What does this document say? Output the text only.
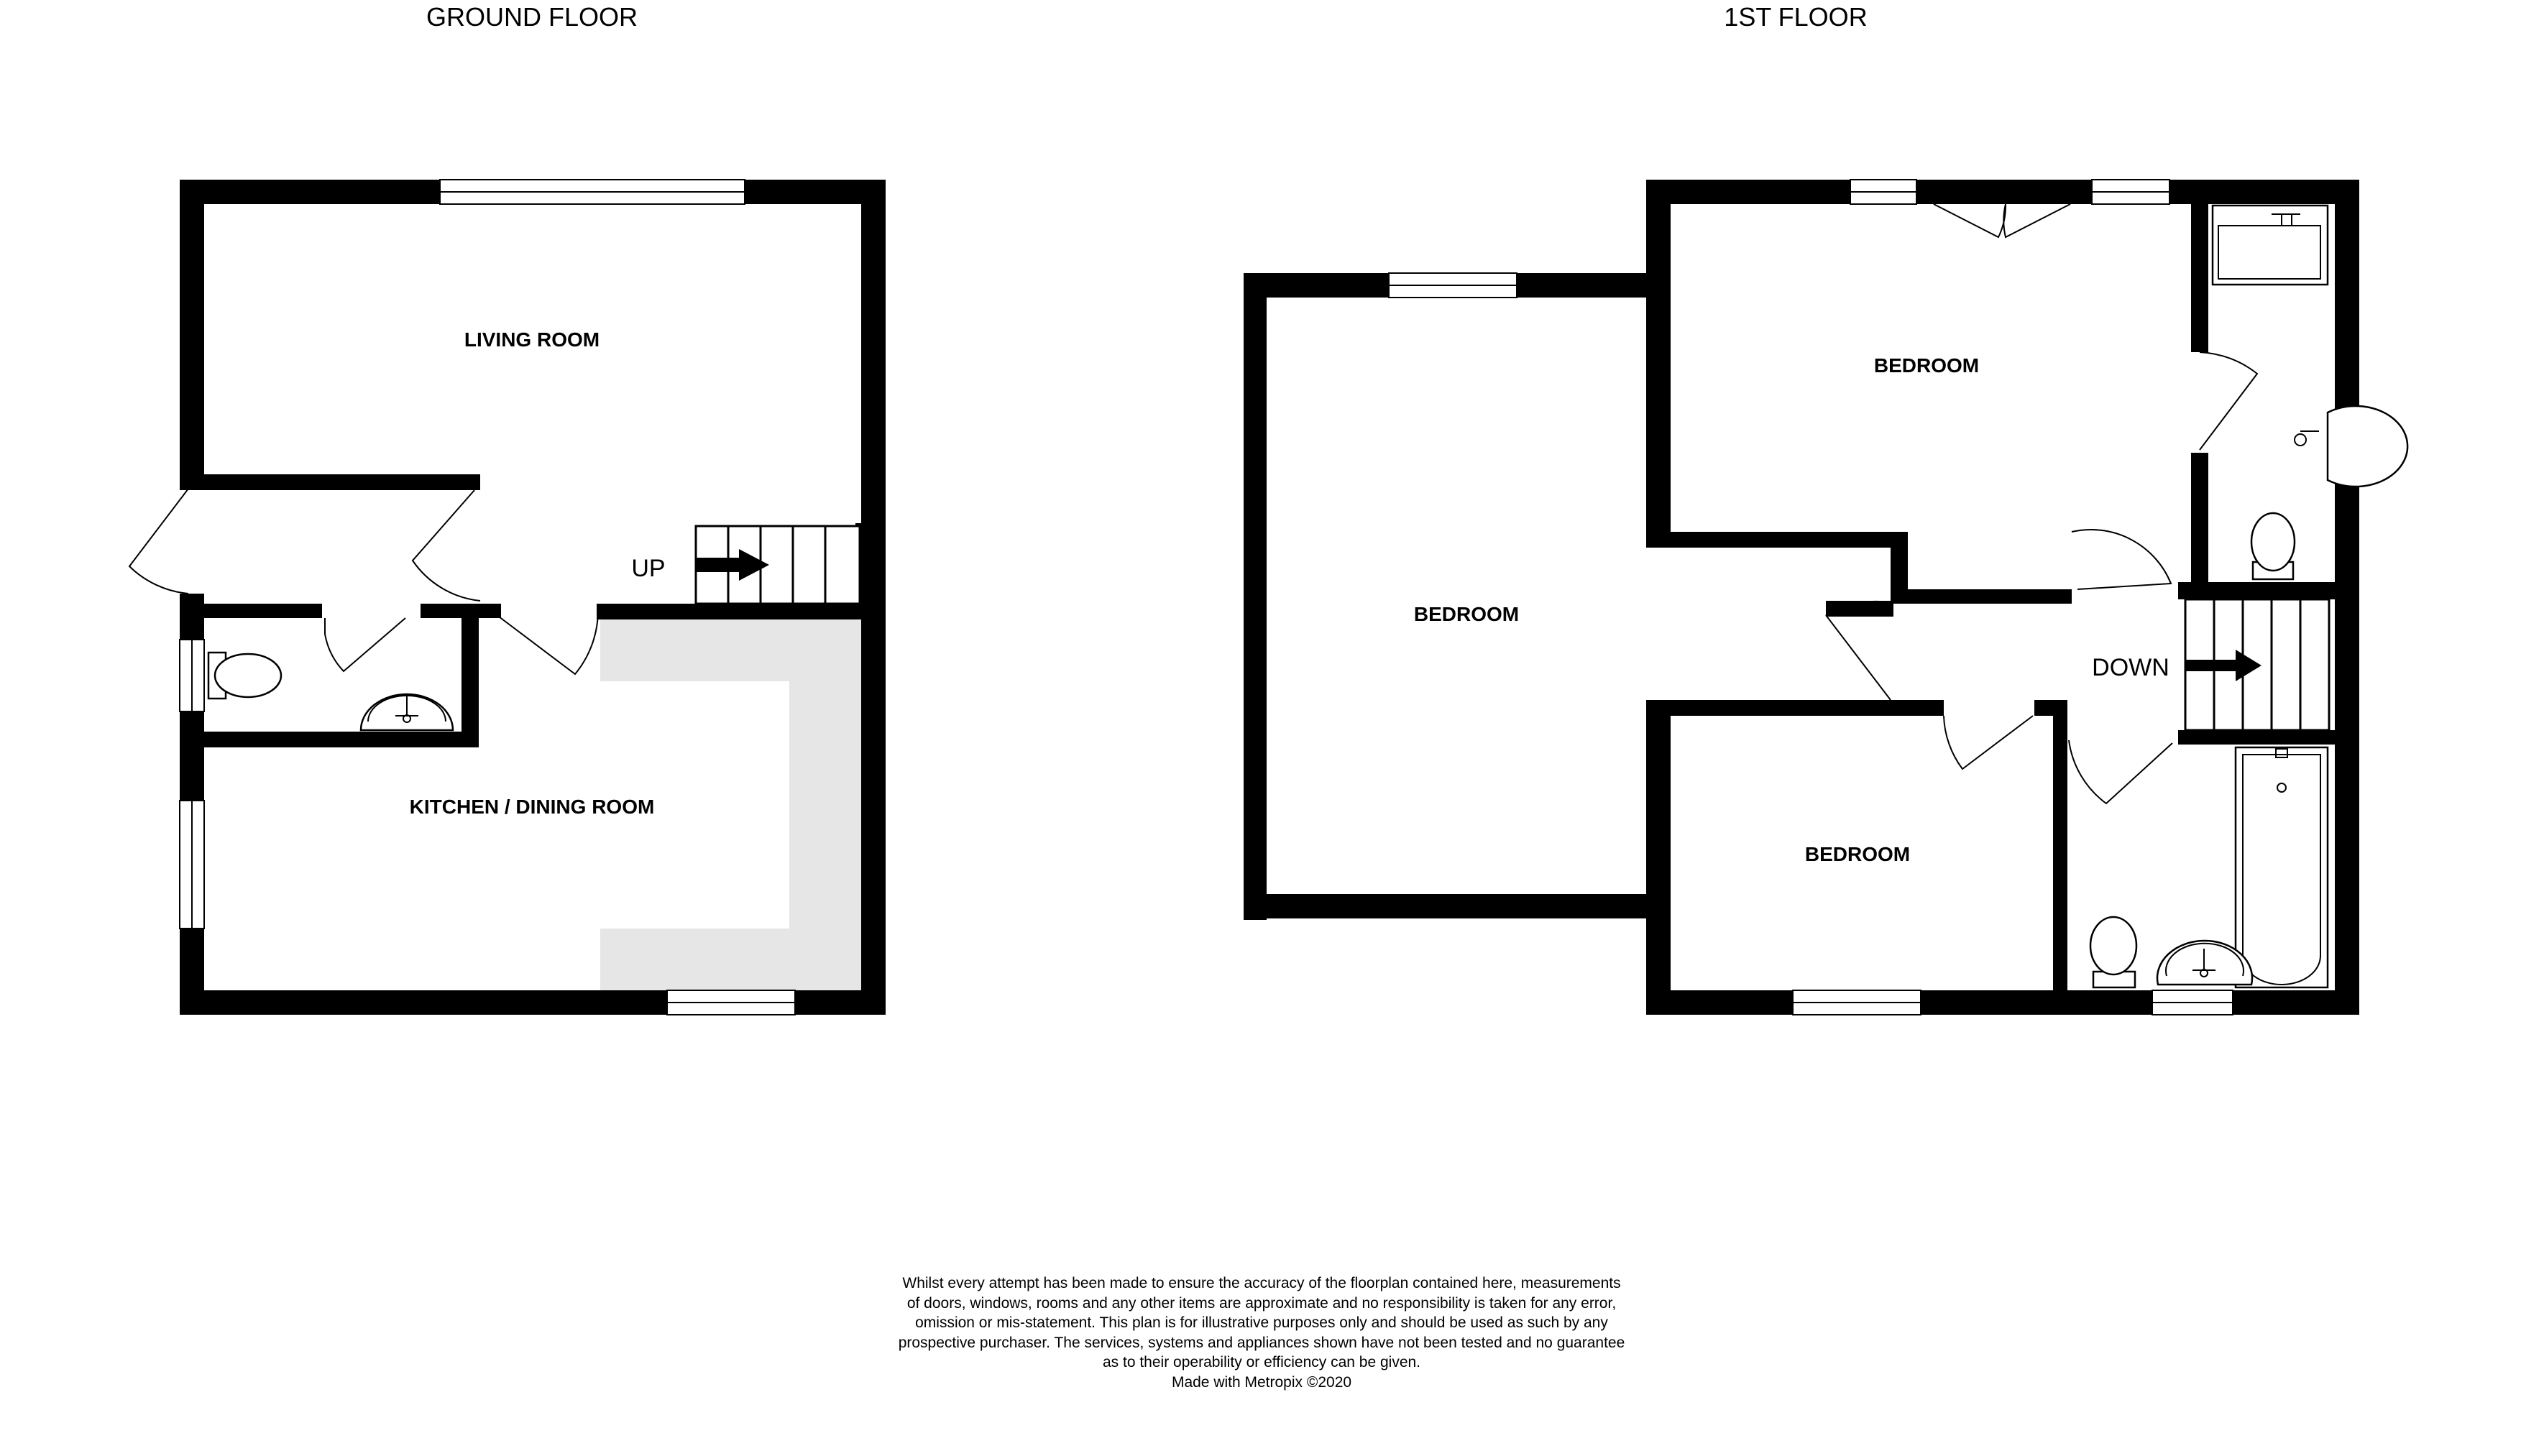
GROUND FLOOR
LIVING ROOM
KITCHEN / DINING ROOM
UP
1ST FLOOR
BEDROOM
BEDROOM
BEDROOM
DOWN
Whilst every attempt has been made to ensure the accuracy of the floorplan contained here, measurements
of doors, windows, rooms and any other items are approximate and no responsibility is taken for any error,
omission or mis-statement. This plan is for illustrative purposes only and should be used as such by any
prospective purchaser. The services, systems and appliances shown have not been tested and no guarantee
as to their operability or efficiency can be given.
Made with Metropix ©2020
